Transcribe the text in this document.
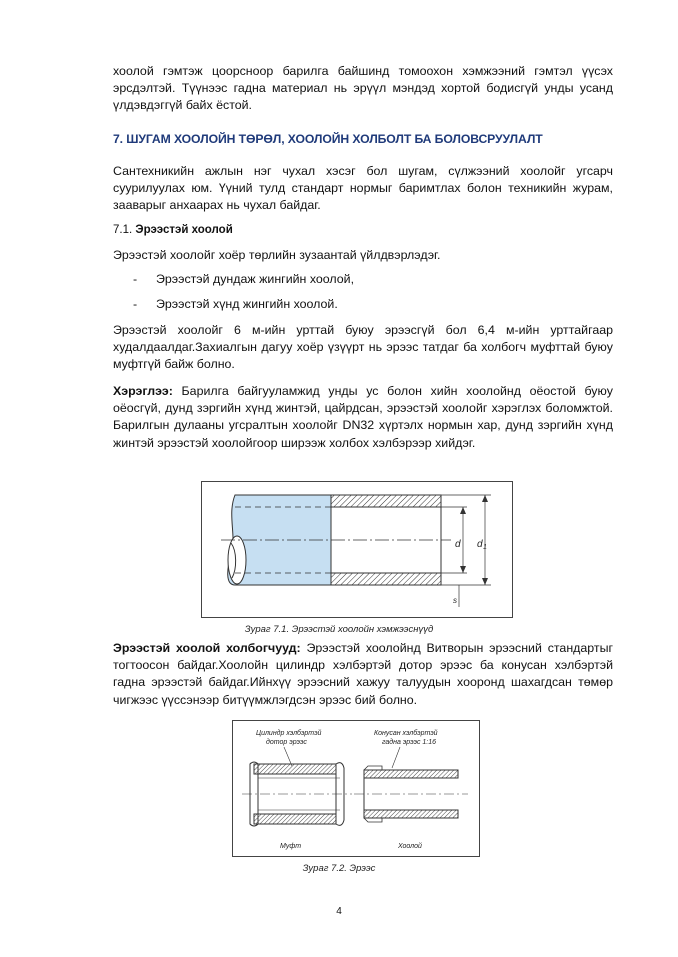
хоолой гэмтэж цоорсноор барилга байшинд томоохон хэмжээний гэмтэл үүсэх эрсдэлтэй. Түүнээс гадна материал нь эрүүл мэндэд хортой бодисгүй унды усанд үлдэвдэггүй байх ёстой.

7. ШУГАМ ХООЛОЙН ТӨРӨЛ, ХООЛОЙН ХОЛБОЛТ БА БОЛОВСРУУЛАЛТ

Сантехникийн ажлын нэг чухал хэсэг бол шугам, сүлжээний хоолойг угсарч суурилуулах юм. Үүний тулд стандарт нормыг баримтлах болон техникийн журам, зааварыг анхаарах нь чухал байдаг.

7.1. Эрээстэй хоолой

Эрээстэй хоолойг хоёр төрлийн зузаантай үйлдвэрлэдэг.

- Эрээстэй дундаж жингийн хоолой,

- Эрээстэй хүнд жингийн хоолой.

Эрээстэй хоолойг 6 м-ийн урттай буюу эрээсгүй бол 6,4 м-ийн урттайгаар худалдаалдаг.Захиалгын дагуу хоёр үзүүрт нь эрээс татдаг ба холбогч муфттай буюу муфтгүй байж болно.

Хэрэглээ: Барилга байгууламжид унды ус болон хийн хоолойнд оёостой буюу оёосгүй, дунд зэргийн хүнд жинтэй, цайрдсан, эрээстэй хоолойг хэрэглэх боломжтой. Барилгын дулааны угсралтын хоолойг DN32 хүртэлх нормын хар, дунд зэргийн хүнд жинтэй эрээстэй хоолойгоор ширээж холбох хэлбэрээр хийдэг.

d d 1
s

Зураг 7.1. Эрээстэй хоолойн хэмжээснүүд

Эрээстэй хоолой холбогчууд: Эрээстэй хоолойнд Витворын эрээсний стандартыг тогтоосон байдаг.Хоолойн цилиндр хэлбэртэй дотор эрээс ба конусан хэлбэртэй гадна эрээстэй байдаг.Ийнхүү эрээсний хажуу талуудын хооронд шахагдсан төмөр чигжээс үүссэнээр битүүмжлэгдсэн эрээс бий болно.

Цилиндр хэлбэртэй
дотор эрээс
Конусан хэлбэртэй
гадна эрээс 1:16
Муфт	Хоолой

Зураг 7.2. Эрээс

4
